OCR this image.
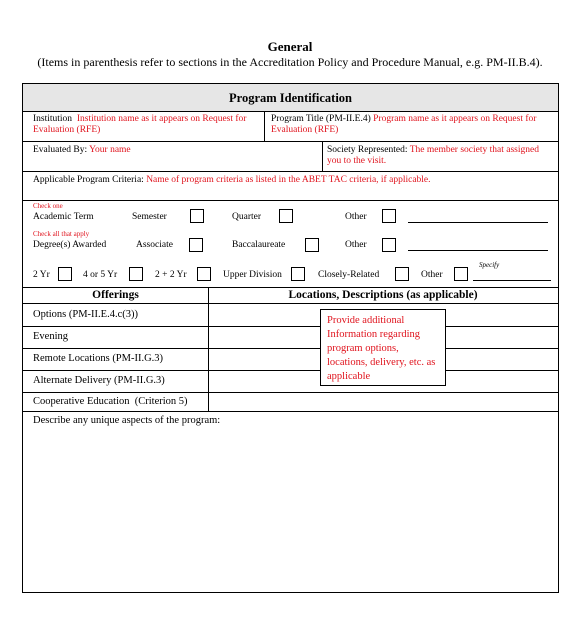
General
(Items in parenthesis refer to sections in the Accreditation Policy and Procedure Manual, e.g. PM-II.B.4).
Program Identification
Institution Institution name as it appears on Request for Evaluation (RFE)
Program Title (PM-II.E.4) Program name as it appears on Request for Evaluation (RFE)
Evaluated By: Your name	Society Represented: The member society that assigned you to the visit.
Applicable Program Criteria: Name of program criteria as listed in the ABET TAC criteria, if applicable.
Check one
Academic Term	Semester	Quarter	Other
Check all that apply
Degree(s) Awarded	Associate	Baccalaureate	Other
2 Yr	4 or 5 Yr	2 + 2 Yr	Upper Division	Closely-Related	Other
Specify
Offerings	Locations, Descriptions (as applicable)
Options (PM-II.E.4.c(3))
Evening
Remote Locations (PM-II.G.3)
Alternate Delivery (PM-II.G.3)
Cooperative Education  (Criterion 5)
Describe any unique aspects of the program:
Provide additional Information regarding program options, locations, delivery, etc. as applicable
